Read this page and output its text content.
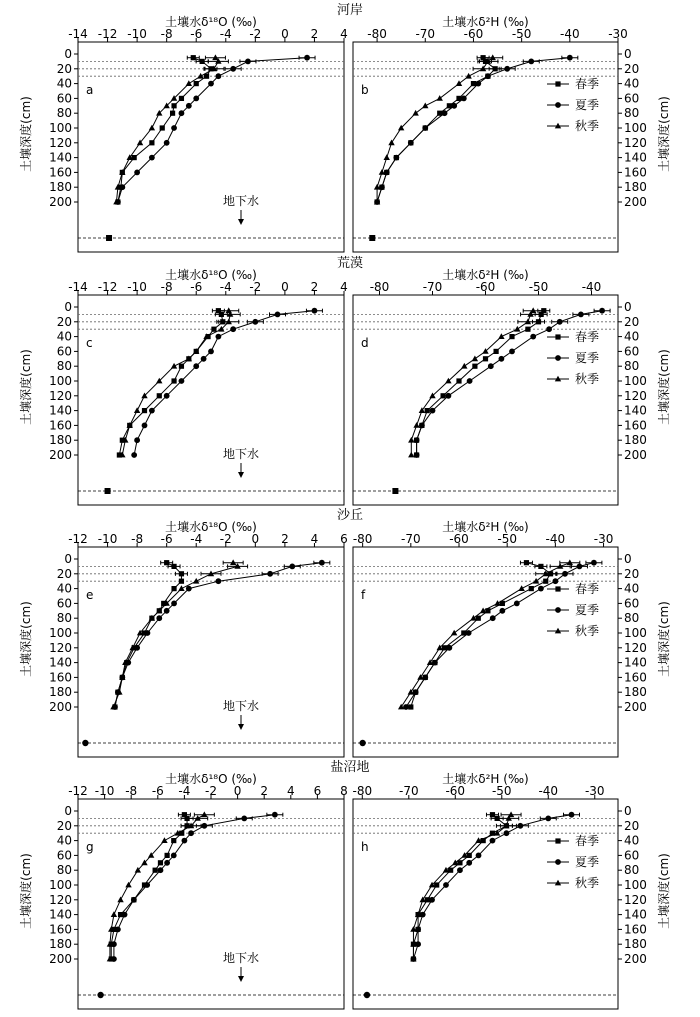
河岸
荒漠
沙丘
盐沼地
土壤水δ¹⁸O (‰)
-14 -12 -10 -8 -6 -4 -2 0 2 4
0
20
40
60
80
100
120
140
160
180
200
土壤深度(cm)
a
地下水
土壤水δ²H (‰)
-80 -70 -60 -50 -40 -30
0
20
40
60
80
100
120
140
160
180
200
土壤深度(cm)
b	春季
夏季
秋季
土壤水δ¹⁸O (‰)
-14 -12 -10 -8 -6 -4 -2 0 2 4
0
20
40
60
80
100
120
140
160
180
200
土壤深度(cm)
c
地下水
土壤水δ²H (‰)
-80	-70	-60	-50	-40
0
20
40
60
80
100
120
140
160
180
200
土壤深度(cm)
d	春季
夏季
秋季
土壤水δ¹⁸O (‰)
-12 -10 -8 -6 -4 -2 0 2 4 6
0
20
40
60
80
100
120
140
160
180
200
土壤深度(cm)
e
地下水
土壤水δ²H (‰)
-80 -70 -60 -50 -40 -30
0
20
40
60
80
100
120
140
160
180
200
土壤深度(cm)
f	春季
夏季
秋季
土壤水δ¹⁸O (‰)
-12 -10 -8 -6 -4 -2 0 2 4 6 8
0
20
40
60
80
100
120
140
160
180
200
土壤深度(cm)
g
地下水
土壤水δ²H (‰)
-80 -70 -60 -50 -40 -30
0
20
40
60
80
100
120
140
160
180
200
土壤深度(cm)
h	春季
夏季
秋季
